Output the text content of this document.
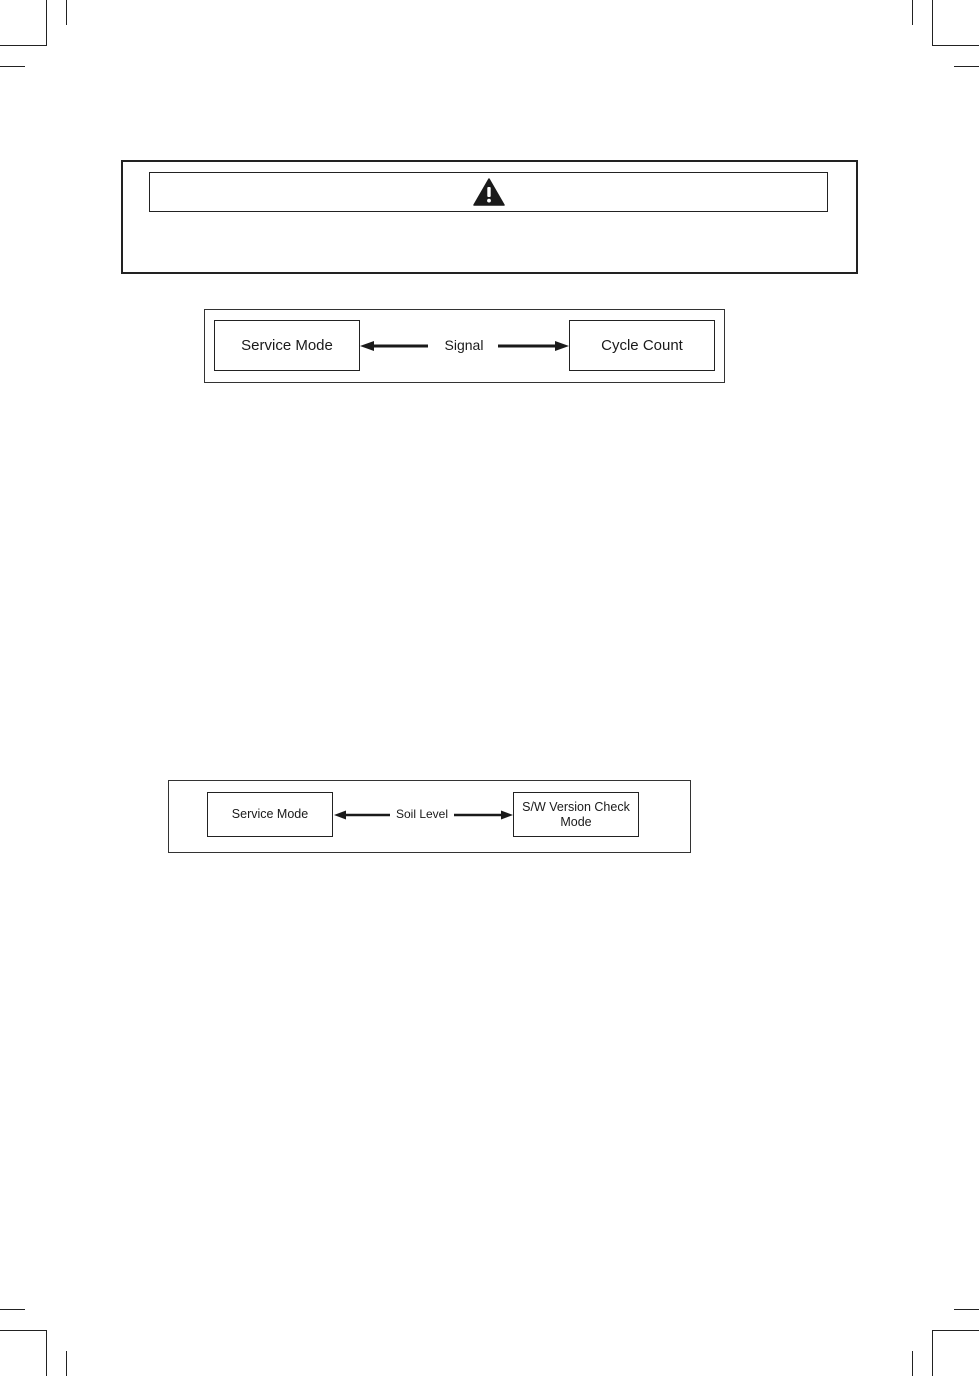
Service Mode	Signal	Cycle Count
Service Mode	Soil Level	S/W Version Check
Mode
